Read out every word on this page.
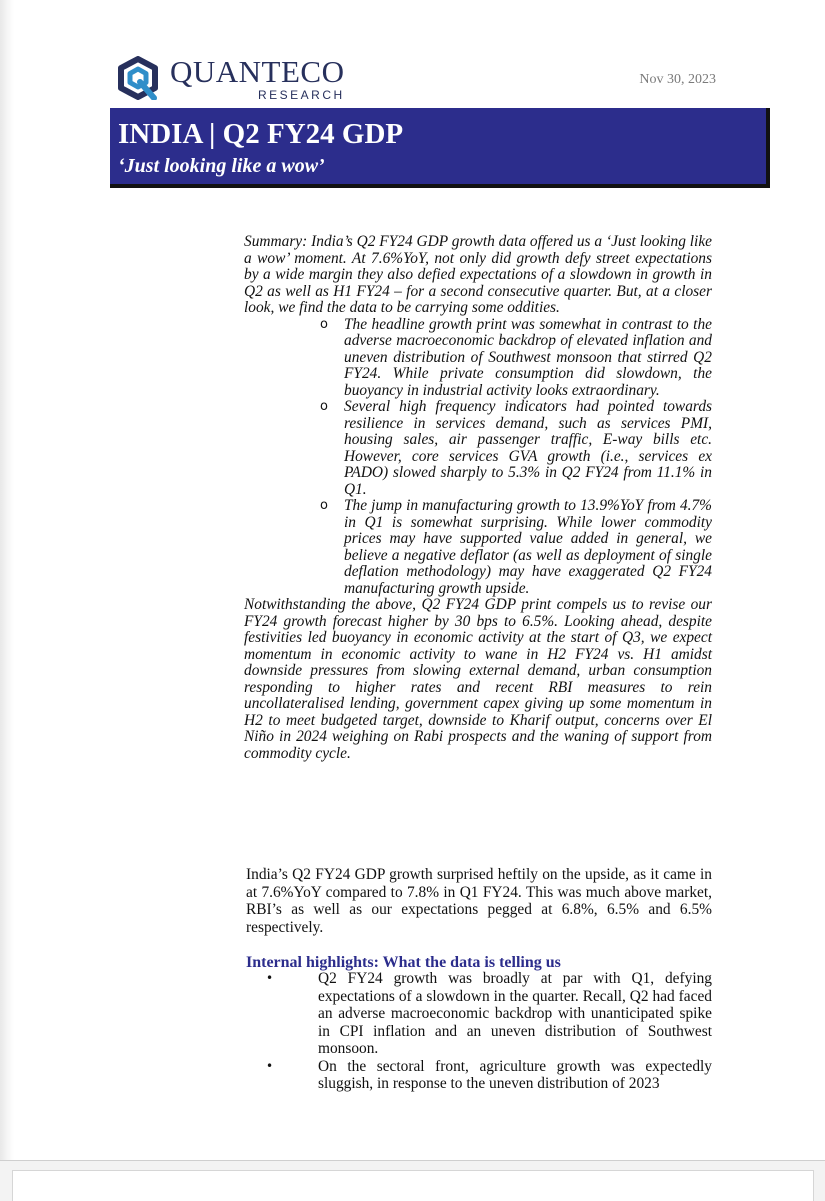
QUANTECO
RESEARCH
Nov 30, 2023
INDIA | Q2 FY24 GDP
‘Just looking like a wow’

Summary: India’s Q2 FY24 GDP growth data offered us a ‘Just looking like a wow’ moment. At 7.6%YoY, not only did growth defy street expectations by a wide margin they also defied expectations of a slowdown in growth in Q2 as well as H1 FY24 – for a second consecutive quarter. But, at a closer look, we find the data to be carrying some oddities.

o The headline growth print was somewhat in contrast to the adverse macroeconomic backdrop of elevated inflation and uneven distribution of Southwest monsoon that stirred Q2 FY24. While private consumption did slowdown, the buoyancy in industrial activity looks extraordinary.
o Several high frequency indicators had pointed towards resilience in services demand, such as services PMI, housing sales, air passenger traffic, E-way bills etc. However, core services GVA growth (i.e., services ex PADO) slowed sharply to 5.3% in Q2 FY24 from 11.1% in Q1.
o The jump in manufacturing growth to 13.9%YoY from 4.7% in Q1 is somewhat surprising. While lower commodity prices may have supported value added in general, we believe a negative deflator (as well as deployment of single deflation methodology) may have exaggerated Q2 FY24 manufacturing growth upside.

Notwithstanding the above, Q2 FY24 GDP print compels us to revise our FY24 growth forecast higher by 30 bps to 6.5%. Looking ahead, despite festivities led buoyancy in economic activity at the start of Q3, we expect momentum in economic activity to wane in H2 FY24 vs. H1 amidst downside pressures from slowing external demand, urban consumption responding to higher rates and recent RBI measures to rein uncollateralised lending, government capex giving up some momentum in H2 to meet budgeted target, downside to Kharif output, concerns over El Niño in 2024 weighing on Rabi prospects and the waning of support from commodity cycle.

India’s Q2 FY24 GDP growth surprised heftily on the upside, as it came in at 7.6%YoY compared to 7.8% in Q1 FY24. This was much above market, RBI’s as well as our expectations pegged at 6.8%, 6.5% and 6.5% respectively.

Internal highlights: What the data is telling us
•	Q2 FY24 growth was broadly at par with Q1, defying expectations of a slowdown in the quarter. Recall, Q2 had faced an adverse macroeconomic backdrop with unanticipated spike in CPI inflation and an uneven distribution of Southwest monsoon.
•	On the sectoral front, agriculture growth was expectedly sluggish, in response to the uneven distribution of 2023
